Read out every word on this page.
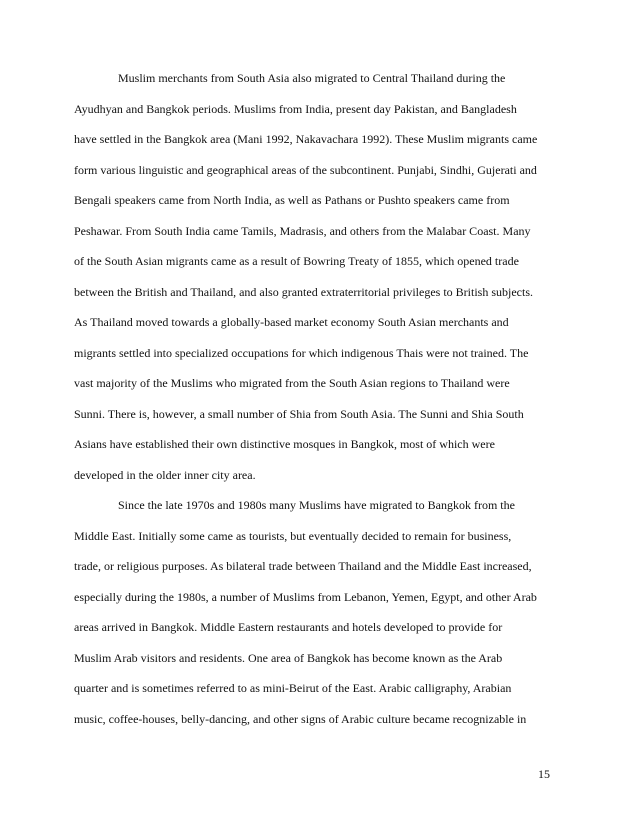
Muslim merchants from South Asia also migrated to Central Thailand during the
Ayudhyan and Bangkok periods. Muslims from India, present day Pakistan, and Bangladesh
have settled in the Bangkok area (Mani 1992, Nakavachara 1992). These Muslim migrants came
form various linguistic and geographical areas of the subcontinent. Punjabi, Sindhi, Gujerati and
Bengali speakers came from North India, as well as Pathans or Pushto speakers came from
Peshawar. From South India came Tamils, Madrasis, and others from the Malabar Coast. Many
of the South Asian migrants came as a result of Bowring Treaty of 1855, which opened trade
between the British and Thailand, and also granted extraterritorial privileges to British subjects.
As Thailand moved towards a globally-based market economy South Asian merchants and
migrants settled into specialized occupations for which indigenous Thais were not trained. The
vast majority of the Muslims who migrated from the South Asian regions to Thailand were
Sunni. There is, however, a small number of Shia from South Asia. The Sunni and Shia South
Asians have established their own distinctive mosques in Bangkok, most of which were
developed in the older inner city area.
Since the late 1970s and 1980s many Muslims have migrated to Bangkok from the
Middle East. Initially some came as tourists, but eventually decided to remain for business,
trade, or religious purposes. As bilateral trade between Thailand and the Middle East increased,
especially during the 1980s, a number of Muslims from Lebanon, Yemen, Egypt, and other Arab
areas arrived in Bangkok. Middle Eastern restaurants and hotels developed to provide for
Muslim Arab visitors and residents. One area of Bangkok has become known as the Arab
quarter and is sometimes referred to as mini-Beirut of the East. Arabic calligraphy, Arabian
music, coffee-houses, belly-dancing, and other signs of Arabic culture became recognizable in
15
